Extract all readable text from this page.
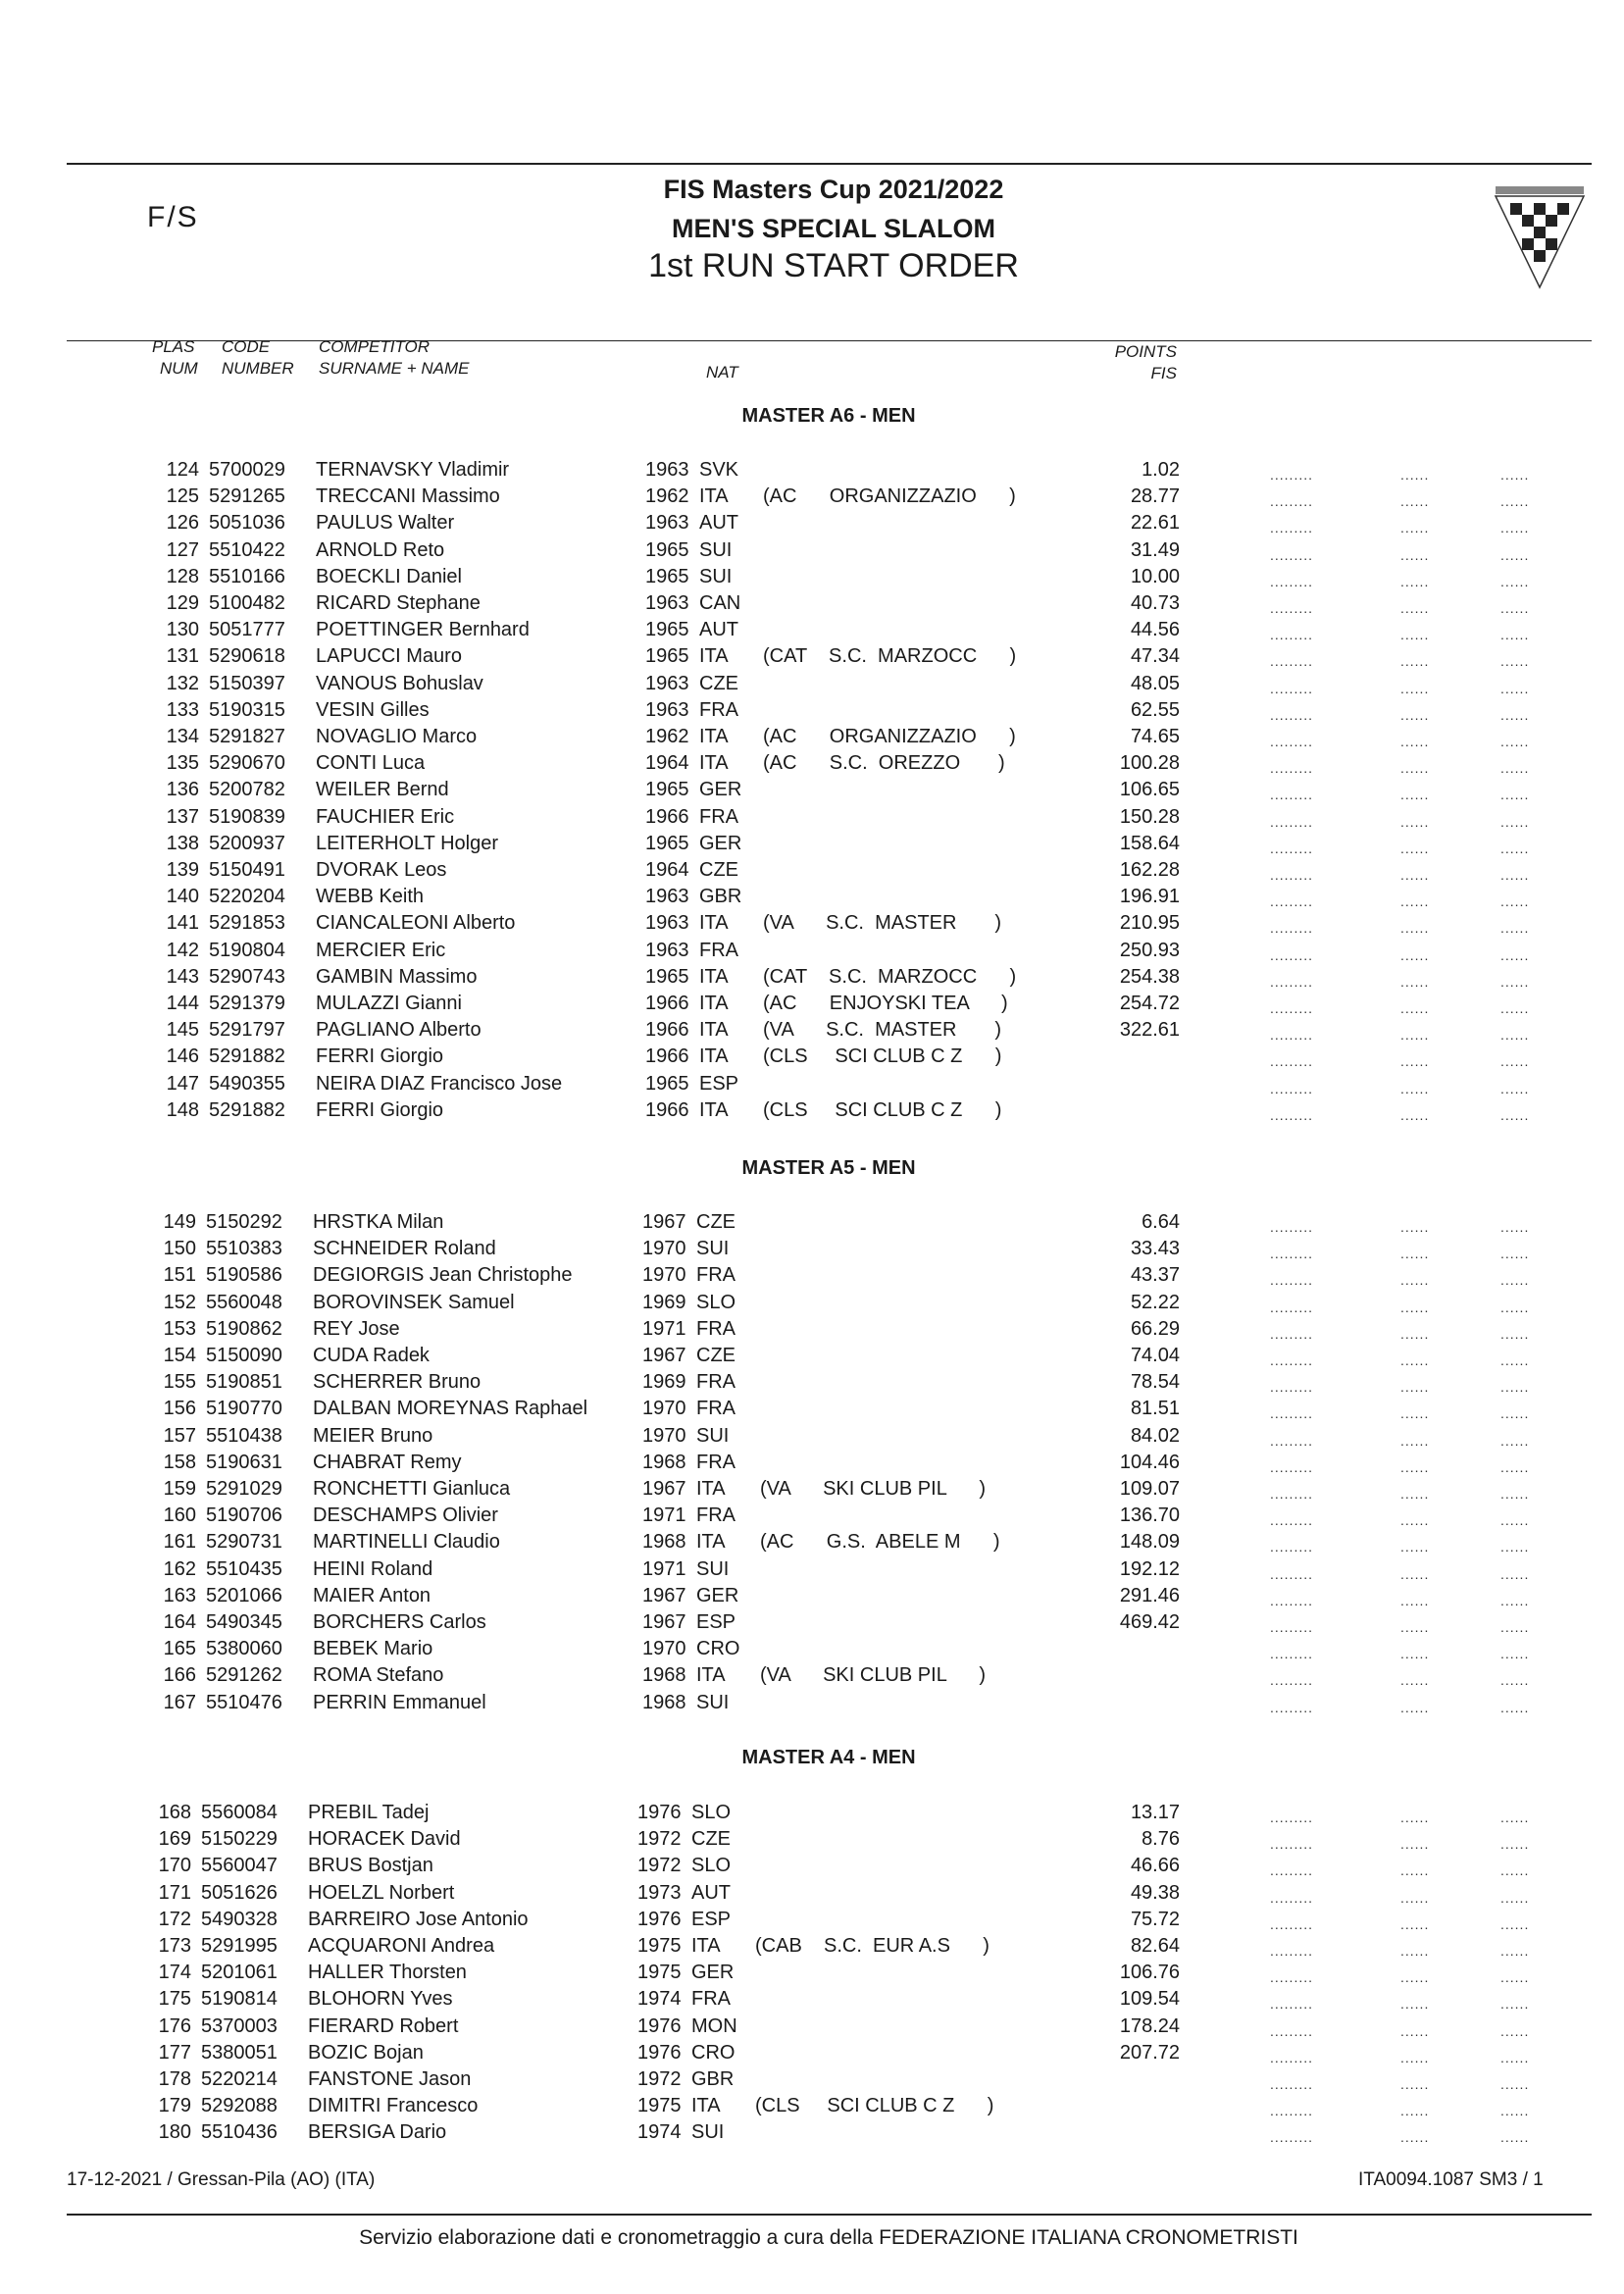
F/S
FIS Masters Cup 2021/2022
MEN'S SPECIAL SLALOM
1st RUN START ORDER
PLAS
NUM
CODE
NUMBER
COMPETITOR
SURNAME + NAME	NAT
POINTS
FIS
MASTER A6 - MEN
124 5700029 TERNAVSKY Vladimir	1963 SVK	1.02	.........	......	......
125 5291265 TRECCANI Massimo	1962 ITA (AC      ORGANIZZAZIO      )	28.77	.........	......	......
126 5051036 PAULUS Walter	1963 AUT	22.61	.........	......	......
127 5510422 ARNOLD Reto	1965 SUI	31.49	.........	......	......
128 5510166 BOECKLI Daniel	1965 SUI	10.00	.........	......	......
129 5100482 RICARD Stephane	1963 CAN	40.73	.........	......	......
130 5051777 POETTINGER Bernhard	1965 AUT	44.56	.........	......	......
131 5290618 LAPUCCI Mauro	1965 ITA (CAT    S.C.  MARZOCC      )	47.34	.........	......	......
132 5150397 VANOUS Bohuslav	1963 CZE	48.05	.........	......	......
133 5190315 VESIN Gilles	1963 FRA	62.55	.........	......	......
134 5291827 NOVAGLIO Marco	1962 ITA (AC      ORGANIZZAZIO      )	74.65	.........	......	......
135 5290670 CONTI Luca	1964 ITA (AC      S.C.  OREZZO       )	100.28	.........	......	......
136 5200782 WEILER Bernd	1965 GER	106.65	.........	......	......
137 5190839 FAUCHIER Eric	1966 FRA	150.28	.........	......	......
138 5200937 LEITERHOLT Holger	1965 GER	158.64	.........	......	......
139 5150491 DVORAK Leos	1964 CZE	162.28	.........	......	......
140 5220204 WEBB Keith	1963 GBR	196.91	.........	......	......
141 5291853 CIANCALEONI Alberto	1963 ITA (VA      S.C.  MASTER       )	210.95	.........	......	......
142 5190804 MERCIER Eric	1963 FRA	250.93	.........	......	......
143 5290743 GAMBIN Massimo	1965 ITA (CAT    S.C.  MARZOCC      )	254.38	.........	......	......
144 5291379 MULAZZI Gianni	1966 ITA (AC      ENJOYSKI TEA      )	254.72	.........	......	......
145 5291797 PAGLIANO Alberto	1966 ITA (VA      S.C.  MASTER       )	322.61	.........	......	......
146 5291882 FERRI Giorgio	1966 ITA (CLS     SCI CLUB C Z      )	.........	......	......
147 5490355 NEIRA DIAZ Francisco Jose	1965 ESP	.........	......	......
148 5291882 FERRI Giorgio	1966 ITA (CLS     SCI CLUB C Z      )	.........	......	......
MASTER A5 - MEN
149 5150292 HRSTKA Milan	1967 CZE	6.64	.........	......	......
150 5510383 SCHNEIDER Roland	1970 SUI	33.43	.........	......	......
151 5190586 DEGIORGIS Jean Christophe	1970 FRA	43.37	.........	......	......
152 5560048 BOROVINSEK Samuel	1969 SLO	52.22	.........	......	......
153 5190862 REY Jose	1971 FRA	66.29	.........	......	......
154 5150090 CUDA Radek	1967 CZE	74.04	.........	......	......
155 5190851 SCHERRER Bruno	1969 FRA	78.54	.........	......	......
156 5190770 DALBAN MOREYNAS Raphael	1970 FRA	81.51	.........	......	......
157 5510438 MEIER Bruno	1970 SUI	84.02	.........	......	......
158 5190631 CHABRAT Remy	1968 FRA	104.46	.........	......	......
159 5291029 RONCHETTI Gianluca	1967 ITA (VA      SKI CLUB PIL      )	109.07	.........	......	......
160 5190706 DESCHAMPS Olivier	1971 FRA	136.70	.........	......	......
161 5290731 MARTINELLI Claudio	1968 ITA (AC      G.S.  ABELE M      )	148.09	.........	......	......
162 5510435 HEINI Roland	1971 SUI	192.12	.........	......	......
163 5201066 MAIER Anton	1967 GER	291.46	.........	......	......
164 5490345 BORCHERS Carlos	1967 ESP	469.42	.........	......	......
165 5380060 BEBEK Mario	1970 CRO	.........	......	......
166 5291262 ROMA Stefano	1968 ITA (VA      SKI CLUB PIL      )	.........	......	......
167 5510476 PERRIN Emmanuel	1968 SUI	.........	......	......
MASTER A4 - MEN
168 5560084 PREBIL Tadej	1976 SLO	13.17	.........	......	......
169 5150229 HORACEK David	1972 CZE	8.76	.........	......	......
170 5560047 BRUS Bostjan	1972 SLO	46.66	.........	......	......
171 5051626 HOELZL Norbert	1973 AUT	49.38	.........	......	......
172 5490328 BARREIRO Jose Antonio	1976 ESP	75.72	.........	......	......
173 5291995 ACQUARONI Andrea	1975 ITA (CAB    S.C.  EUR A.S      )	82.64	.........	......	......
174 5201061 HALLER Thorsten	1975 GER	106.76	.........	......	......
175 5190814 BLOHORN Yves	1974 FRA	109.54	.........	......	......
176 5370003 FIERARD Robert	1976 MON	178.24	.........	......	......
177 5380051 BOZIC Bojan	1976 CRO	207.72	.........	......	......
178 5220214 FANSTONE Jason	1972 GBR	.........	......	......
179 5292088 DIMITRI Francesco	1975 ITA (CLS     SCI CLUB C Z      )	.........	......	......
180 5510436 BERSIGA Dario	1974 SUI	.........	......	......
17-12-2021 / Gressan-Pila (AO) (ITA)	ITA0094.1087 SM3 / 1
Servizio elaborazione dati e cronometraggio a cura della FEDERAZIONE ITALIANA CRONOMETRISTI
